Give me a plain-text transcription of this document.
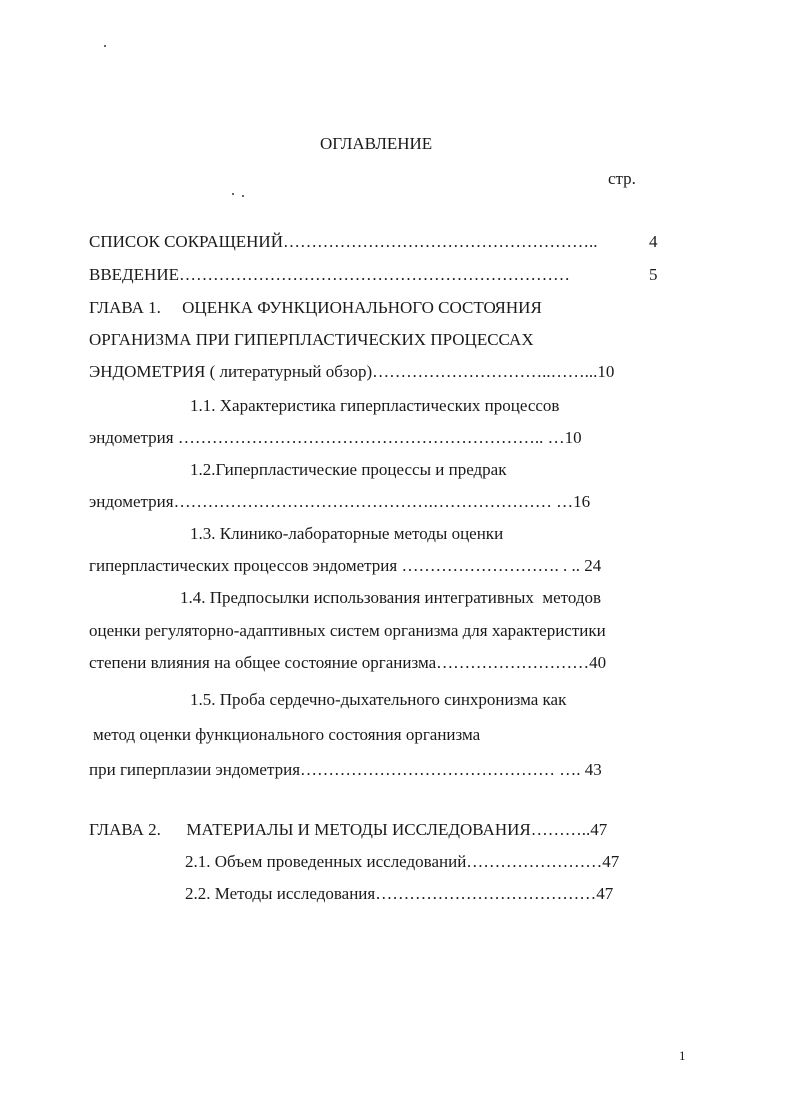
ОГЛАВЛЕНИЕ
стр.
СПИСОК СОКРАЩЕНИЙ………………………………………………..	4
ВВЕДЕНИЕ……………………………………………………………	5
ГЛАВА 1.     ОЦЕНКА ФУНКЦИОНАЛЬНОГО СОСТОЯНИЯ
ОРГАНИЗМА ПРИ ГИПЕРПЛАСТИЧЕСКИХ ПРОЦЕССАХ
ЭНДОМЕТРИЯ ( литературный обзор)…………………………..……...10
1.1. Характеристика гиперпластических процессов
эндометрия ……………………………………………………….. …10
1.2.Гиперпластические процессы и предрак
эндометрия……………………………………….………………… …16
1.3. Клинико-лабораторные методы оценки
гиперпластических процессов эндометрия ………………………. . .. 24
1.4. Предпосылки использования интегративных  методов
оценки регуляторно-адаптивных систем организма для характеристики
степени влияния на общее состояние организма………………………40
1.5. Проба сердечно-дыхательного синхронизма как
метод оценки функционального состояния организма
при гиперплазии эндометрия……………………………………… …. 43
ГЛАВА 2.      МАТЕРИАЛЫ И МЕТОДЫ ИССЛЕДОВАНИЯ………..47
2.1. Объем проведенных исследований……………………47
2.2. Методы исследования…………………………………47
1
